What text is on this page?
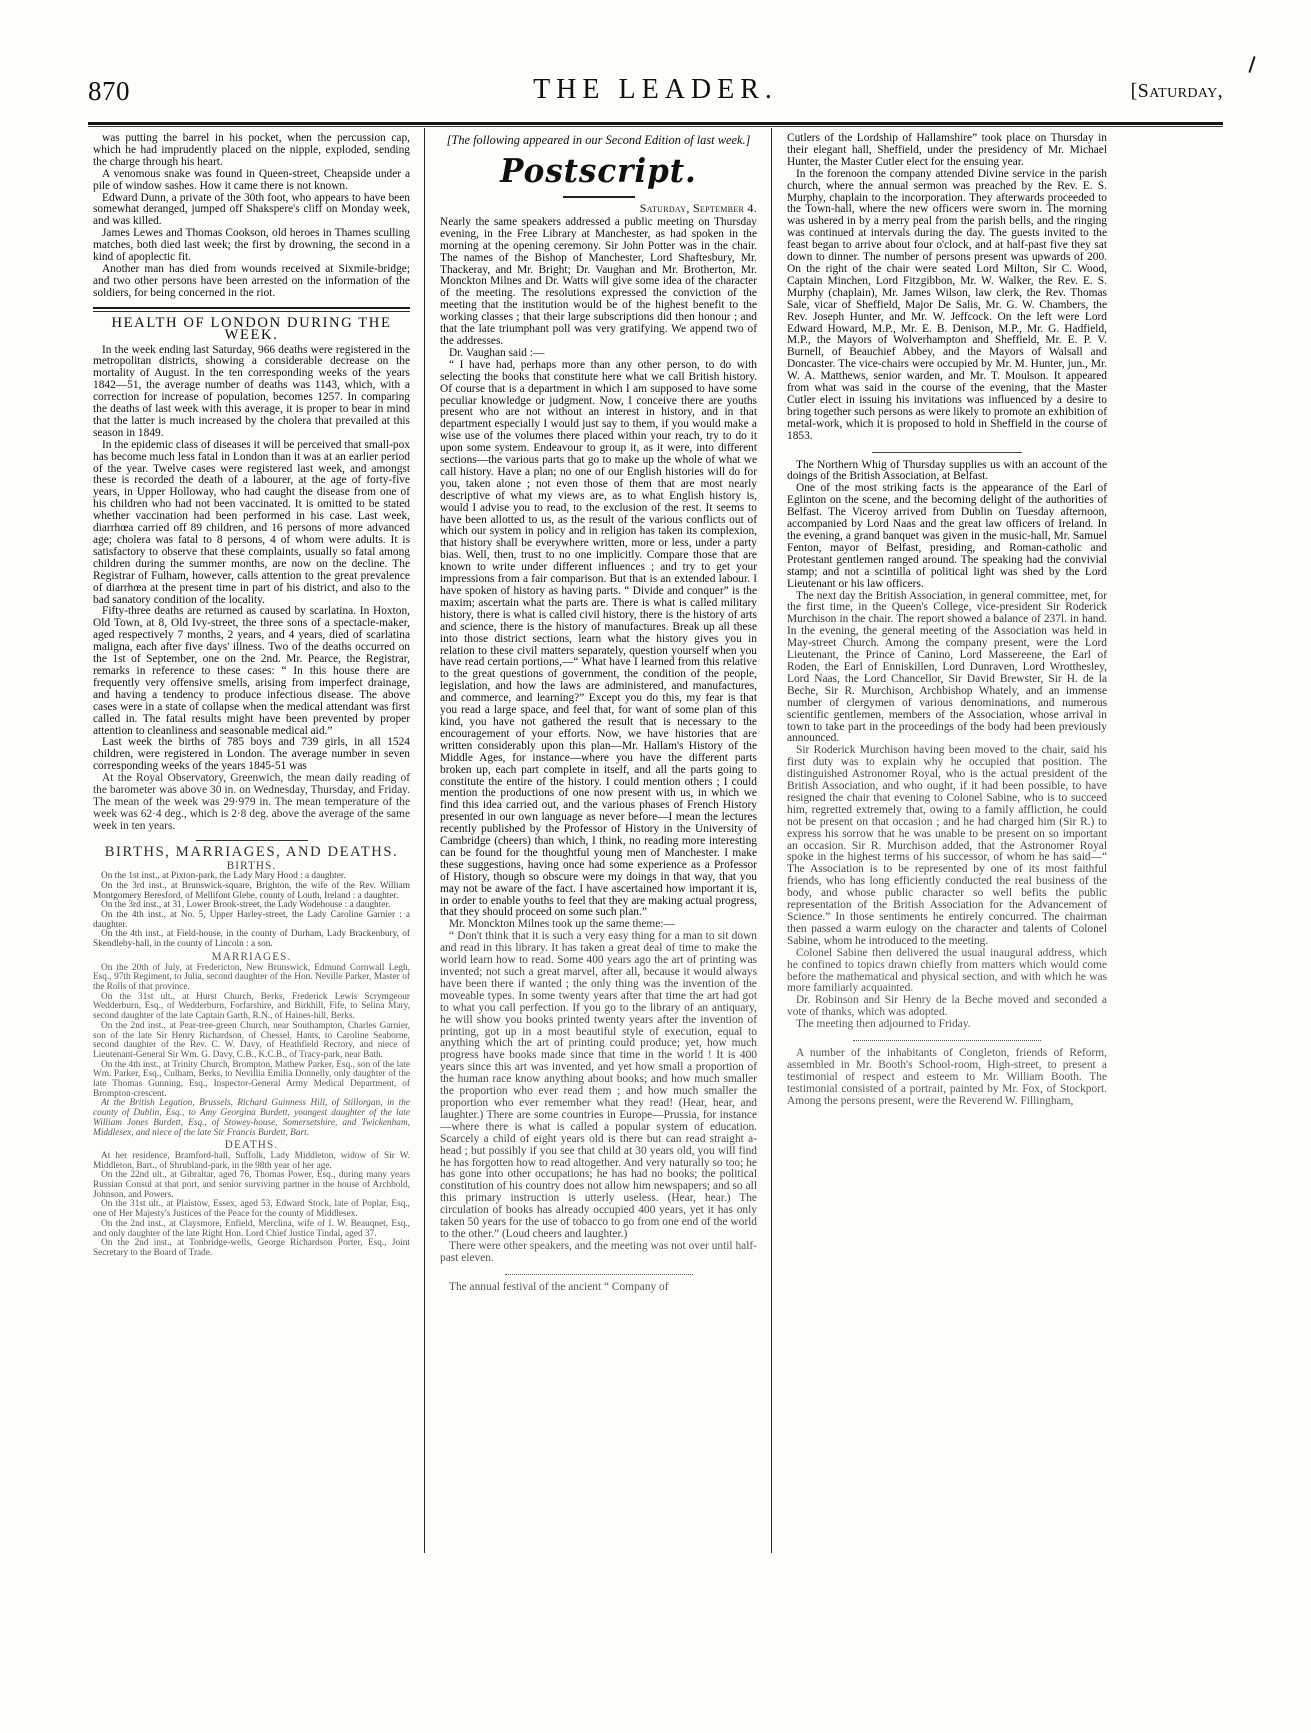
870	THE LEADER.	[Saturday,

was putting the barrel in his pocket, when the percussion cap, which he had imprudently placed on the nipple, exploded, sending the charge through his heart.

A venomous snake was found in Queen-street, Cheapside under a pile of window sashes. How it came there is not known.

Edward Dunn, a private of the 30th foot, who appears to have been somewhat deranged, jumped off Shakspere's cliff on Monday week, and was killed.

James Lewes and Thomas Cookson, old heroes in Thames sculling matches, both died last week; the first by drowning, the second in a kind of apoplectic fit.

Another man has died from wounds received at Sixmile-bridge; and two other persons have been arrested on the information of the soldiers, for being concerned in the riot.

HEALTH OF LONDON DURING THE WEEK.

In the week ending last Saturday, 966 deaths were registered in the metropolitan districts, showing a considerable decrease on the mortality of August. In the ten corresponding weeks of the years 1842—51, the average number of deaths was 1143, which, with a correction for increase of population, becomes 1257. In comparing the deaths of last week with this average, it is proper to bear in mind that the latter is much increased by the cholera that prevailed at this season in 1849.

In the epidemic class of diseases it will be perceived that small-pox has become much less fatal in London than it was at an earlier period of the year. Twelve cases were registered last week, and amongst these is recorded the death of a labourer, at the age of forty-five years, in Upper Holloway, who had caught the disease from one of his children who had not been vaccinated. It is omitted to be stated whether vaccination had been performed in his case. Last week, diarrhœa carried off 89 children, and 16 persons of more advanced age; cholera was fatal to 8 persons, 4 of whom were adults. It is satisfactory to observe that these complaints, usually so fatal among children during the summer months, are now on the decline. The Registrar of Fulham, however, calls attention to the great prevalence of diarrhœa at the present time in part of his district, and also to the bad sanatory condition of the locality.

Fifty-three deaths are returned as caused by scarlatina. In Hoxton, Old Town, at 8, Old Ivy-street, the three sons of a spectacle-maker, aged respectively 7 months, 2 years, and 4 years, died of scarlatina maligna, each after five days' illness. Two of the deaths occurred on the 1st of September, one on the 2nd. Mr. Pearce, the Registrar, remarks in reference to these cases: “ In this house there are frequently very offensive smells, arising from imperfect drainage, and having a tendency to produce infectious disease. The above cases were in a state of collapse when the medical attendant was first called in. The fatal results might have been prevented by proper attention to cleanliness and seasonable medical aid.”

Last week the births of 785 boys and 739 girls, in all 1524 children, were registered in London. The average number in seven corresponding weeks of the years 1845-51 was

At the Royal Observatory, Greenwich, the mean daily reading of the barometer was above 30 in. on Wednesday, Thursday, and Friday. The mean of the week was 29·979 in. The mean temperature of the week was 62·4 deg., which is 2·8 deg. above the average of the same week in ten years.

BIRTHS, MARRIAGES, AND DEATHS.
BIRTHS.

On the 1st inst., at Pixton-park, the Lady Mary Hood : a daughter.

On the 3rd inst., at Brunswick-square, Brighton, the wife of the Rev. William Montgomery Beresford, of Mellifont Glebe, county of Louth, Ireland : a daughter.

On the 3rd inst., at 31, Lower Brook-street, the Lady Wodehouse : a daughter.

On the 4th inst., at No. 5, Upper Harley-street, the Lady Caroline Garnier : a daughter.

On the 4th inst., at Field-house, in the county of Durham, Lady Brackenbury, of Skendleby-hall, in the county of Lincoln : a son.

MARRIAGES.

On the 20th of July, at Fredericton, New Brunswick, Edmund Cornwall Legh, Esq., 97th Regiment, to Julia, second daughter of the Hon. Neville Parker, Master of the Rolls of that province.

On the 31st ult., at Hurst Church, Berks, Frederick Lewis Scrymgeour Wedderburn, Esq., of Wedderburn, Forfarshire, and Birkhill, Fife, to Selina Mary, second daughter of the late Captain Garth, R.N., of Haines-hill, Berks.

On the 2nd inst., at Pear-tree-green Church, near Southampton, Charles Garnier, son of the late Sir Henry Richardson, of Chessel, Hants, to Caroline Seaborne, second daughter of the Rev. C. W. Davy, of Heathfield Rectory, and niece of Lieutenant-General Sir Wm. G. Davy, C.B., K.C.B., of Tracy-park, near Bath.

On the 4th inst., at Trinity Church, Brompton, Mathew Parker, Esq., son of the late Wm. Parker, Esq., Culham, Berks, to Nevillia Emilia Donnelly, only daughter of the late Thomas Gunning, Esq., Inspector-General Army Medical Department, of Brompton-crescent.

At the British Legation, Brussels, Richard Guinness Hill, of Stillorgan, in the county of Dublin, Esq., to Amy Georgina Burdett, youngest daughter of the late William Jones Burdett, Esq., of Stowey-house, Somersetshire, and Twickenham, Middlesex, and niece of the late Sir Francis Burdett, Bart.

DEATHS.

At her residence, Bramford-hall, Suffolk, Lady Middleton, widow of Sir W. Middleton, Bart., of Shrubland-park, in the 98th year of her age.

On the 22nd ult., at Gibraltar, aged 76, Thomas Power, Esq., during many years Russian Consul at that port, and senior surviving partner in the house of Archbold, Johnson, and Powers.

On the 31st ult., at Plaistow, Essex, aged 53, Edward Stock, late of Poplar, Esq., one of Her Majesty's Justices of the Peace for the county of Middlesex.

On the 2nd inst., at Claysmore, Enfield, Merclina, wife of I. W. Beauqnet, Esq., and only daughter of the late Right Hon. Lord Chief Justice Tindal, aged 37.

On the 2nd inst., at Tonbridge-wells, George Richardson Porter, Esq., Joint Secretary to the Board of Trade.

[The following appeared in our Second Edition of last week.]

Postscript.

Saturday, September 4.

Nearly the same speakers addressed a public meeting on Thursday evening, in the Free Library at Manchester, as had spoken in the morning at the opening ceremony. Sir John Potter was in the chair. The names of the Bishop of Manchester, Lord Shaftesbury, Mr. Thackeray, and Mr. Bright; Dr. Vaughan and Mr. Brotherton, Mr. Monckton Milnes and Dr. Watts will give some idea of the character of the meeting. The resolutions expressed the conviction of the meeting that the institution would be of the highest benefit to the working classes ; that their large subscriptions did then honour ; and that the late triumphant poll was very gratifying. We append two of the addresses.

Dr. Vaughan said :—

“ I have had, perhaps more than any other person, to do with selecting the books that constitute here what we call British history. Of course that is a department in which I am supposed to have some peculiar knowledge or judgment. Now, I conceive there are youths present who are not without an interest in history, and in that department especially I would just say to them, if you would make a wise use of the volumes there placed within your reach, try to do it upon some system. Endeavour to group it, as it were, into different sections—the various parts that go to make up the whole of what we call history. Have a plan; no one of our English histories will do for you, taken alone ; not even those of them that are most nearly descriptive of what my views are, as to what English history is, would I advise you to read, to the exclusion of the rest. It seems to have been allotted to us, as the result of the various conflicts out of which our system in policy and in religion has taken its complexion, that history shall be everywhere written, more or less, under a party bias. Well, then, trust to no one implicitly. Compare those that are known to write under different influences ; and try to get your impressions from a fair comparison. But that is an extended labour. I have spoken of history as having parts. “ Divide and conquer” is the maxim; ascertain what the parts are. There is what is called military history, there is what is called civil history, there is the history of arts and science, there is the history of manufactures. Break up all these into those district sections, learn what the history gives you in relation to these civil matters separately, question yourself when you have read certain portions,—“ What have I learned from this relative to the great questions of government, the condition of the people, legislation, and how the laws are administered, and manufactures, and commerce, and learning?” Except you do this, my fear is that you read a large space, and feel that, for want of some plan of this kind, you have not gathered the result that is necessary to the encouragement of your efforts. Now, we have histories that are written considerably upon this plan—Mr. Hallam's History of the Middle Ages, for instance—where you have the different parts broken up, each part complete in itself, and all the parts going to constitute the entire of the history. I could mention others ; I could mention the productions of one now present with us, in which we find this idea carried out, and the various phases of French History presented in our own language as never before—I mean the lectures recently published by the Professor of History in the University of Cambridge (cheers) than which, I think, no reading more interesting can be found for the thoughtful young men of Manchester. I make these suggestions, having once had some experience as a Professor of History, though so obscure were my doings in that way, that you may not be aware of the fact. I have ascertained how important it is, in order to enable youths to feel that they are making actual progress, that they should proceed on some such plan.”

Mr. Monckton Milnes took up the same theme:—

“ Don't think that it is such a very easy thing for a man to sit down and read in this library. It has taken a great deal of time to make the world learn how to read. Some 400 years ago the art of printing was invented; not such a great marvel, after all, because it would always have been there if wanted ; the only thing was the invention of the moveable types. In some twenty years after that time the art had got to what you call perfection. If you go to the library of an antiquary, he will show you books printed twenty years after the invention of printing, got up in a most beautiful style of execution, equal to anything which the art of printing could produce; yet, how much progress have books made since that time in the world ! It is 400 years since this art was invented, and yet how small a proportion of the human race know anything about books; and how much smaller the proportion who ever read them ; and how much smaller the proportion who ever remember what they read! (Hear, hear, and laughter.) There are some countries in Europe—Prussia, for instance—where there is what is called a popular system of education. Scarcely a child of eight years old is there but can read straight a-head ; but possibly if you see that child at 30 years old, you will find he has forgotten how to read altogether. And very naturally so too; he has gone into other occupations; he has had no books; the political constitution of his country does not allow him newspapers; and so all this primary instruction is utterly useless. (Hear, hear.) The circulation of books has already occupied 400 years, yet it has only taken 50 years for the use of tobacco to go from one end of the world to the other.” (Loud cheers and laughter.)

There were other speakers, and the meeting was not over until half-past eleven.

The annual festival of the ancient “ Company of

Cutlers of the Lordship of Hallamshire” took place on Thursday in their elegant hall, Sheffield, under the presidency of Mr. Michael Hunter, the Master Cutler elect for the ensuing year.

In the forenoon the company attended Divine service in the parish church, where the annual sermon was preached by the Rev. E. S. Murphy, chaplain to the incorporation. They afterwards proceeded to the Town-hall, where the new officers were sworn in. The morning was ushered in by a merry peal from the parish bells, and the ringing was continued at intervals during the day. The guests invited to the feast began to arrive about four o'clock, and at half-past five they sat down to dinner. The number of persons present was upwards of 200. On the right of the chair were seated Lord Milton, Sir C. Wood, Captain Minchen, Lord Fitzgibbon, Mr. W. Walker, the Rev. E. S. Murphy (chaplain), Mr. James Wilson, law clerk, the Rev. Thomas Sale, vicar of Sheffield, Major De Salis, Mr. G. W. Chambers, the Rev. Joseph Hunter, and Mr. W. Jeffcock. On the left were Lord Edward Howard, M.P., Mr. E. B. Denison, M.P., Mr. G. Hadfield, M.P., the Mayors of Wolverhampton and Sheffield, Mr. E. P. V. Burnell, of Beauchief Abbey, and the Mayors of Walsall and Doncaster. The vice-chairs were occupied by Mr. M. Hunter, jun., Mr. W. A. Matthews, senior warden, and Mr. T. Moulson. It appeared from what was said in the course of the evening, that the Master Cutler elect in issuing his invitations was influenced by a desire to bring together such persons as were likely to promote an exhibition of metal-work, which it is proposed to hold in Sheffield in the course of 1853.

The Northern Whig of Thursday supplies us with an account of the doings of the British Association, at Belfast.

One of the most striking facts is the appearance of the Earl of Eglinton on the scene, and the becoming delight of the authorities of Belfast. The Viceroy arrived from Dublin on Tuesday afternoon, accompanied by Lord Naas and the great law officers of Ireland. In the evening, a grand banquet was given in the music-hall, Mr. Samuel Fenton, mayor of Belfast, presiding, and Roman-catholic and Protestant gentlemen ranged around. The speaking had the convivial stamp; and not a scintilla of political light was shed by the Lord Lieutenant or his law officers.

The next day the British Association, in general committee, met, for the first time, in the Queen's College, vice-president Sir Roderick Murchison in the chair. The report showed a balance of 237l. in hand. In the evening, the general meeting of the Association was held in May-street Church. Among the company present, were the Lord Lieutenant, the Prince of Canino, Lord Massereene, the Earl of Roden, the Earl of Enniskillen, Lord Dunraven, Lord Wrotthesley, Lord Naas, the Lord Chancellor, Sir David Brewster, Sir H. de la Beche, Sir R. Murchison, Archbishop Whately, and an immense number of clergymen of various denominations, and numerous scientific gentlemen, members of the Association, whose arrival in town to take part in the proceedings of the body had been previously announced.

Sir Roderick Murchison having been moved to the chair, said his first duty was to explain why he occupied that position. The distinguished Astronomer Royal, who is the actual president of the British Association, and who ought, if it had been possible, to have resigned the chair that evening to Colonel Sabine, who is to succeed him, regretted extremely that, owing to a family affliction, he could not be present on that occasion ; and he had charged him (Sir R.) to express his sorrow that he was unable to be present on so important an occasion. Sir R. Murchison added, that the Astronomer Royal spoke in the highest terms of his successor, of whom he has said—“ The Association is to be represented by one of its most faithful friends, who has long efficiently conducted the real business of the body, and whose public character so well befits the public representation of the British Association for the Advancement of Science.” In those sentiments he entirely concurred. The chairman then passed a warm eulogy on the character and talents of Colonel Sabine, whom he introduced to the meeting.

Colonel Sabine then delivered the usual inaugural address, which he confined to topics drawn chiefly from matters which would come before the mathematical and physical section, and with which he was more familiarly acquainted.

Dr. Robinson and Sir Henry de la Beche moved and seconded a vote of thanks, which was adopted.

The meeting then adjourned to Friday.

A number of the inhabitants of Congleton, friends of Reform, assembled in Mr. Booth's School-room, High-street, to present a testimonial of respect and esteem to Mr. William Booth. The testimonial consisted of a portrait, painted by Mr. Fox, of Stockport. Among the persons present, were the Reverend W. Fillingham,
